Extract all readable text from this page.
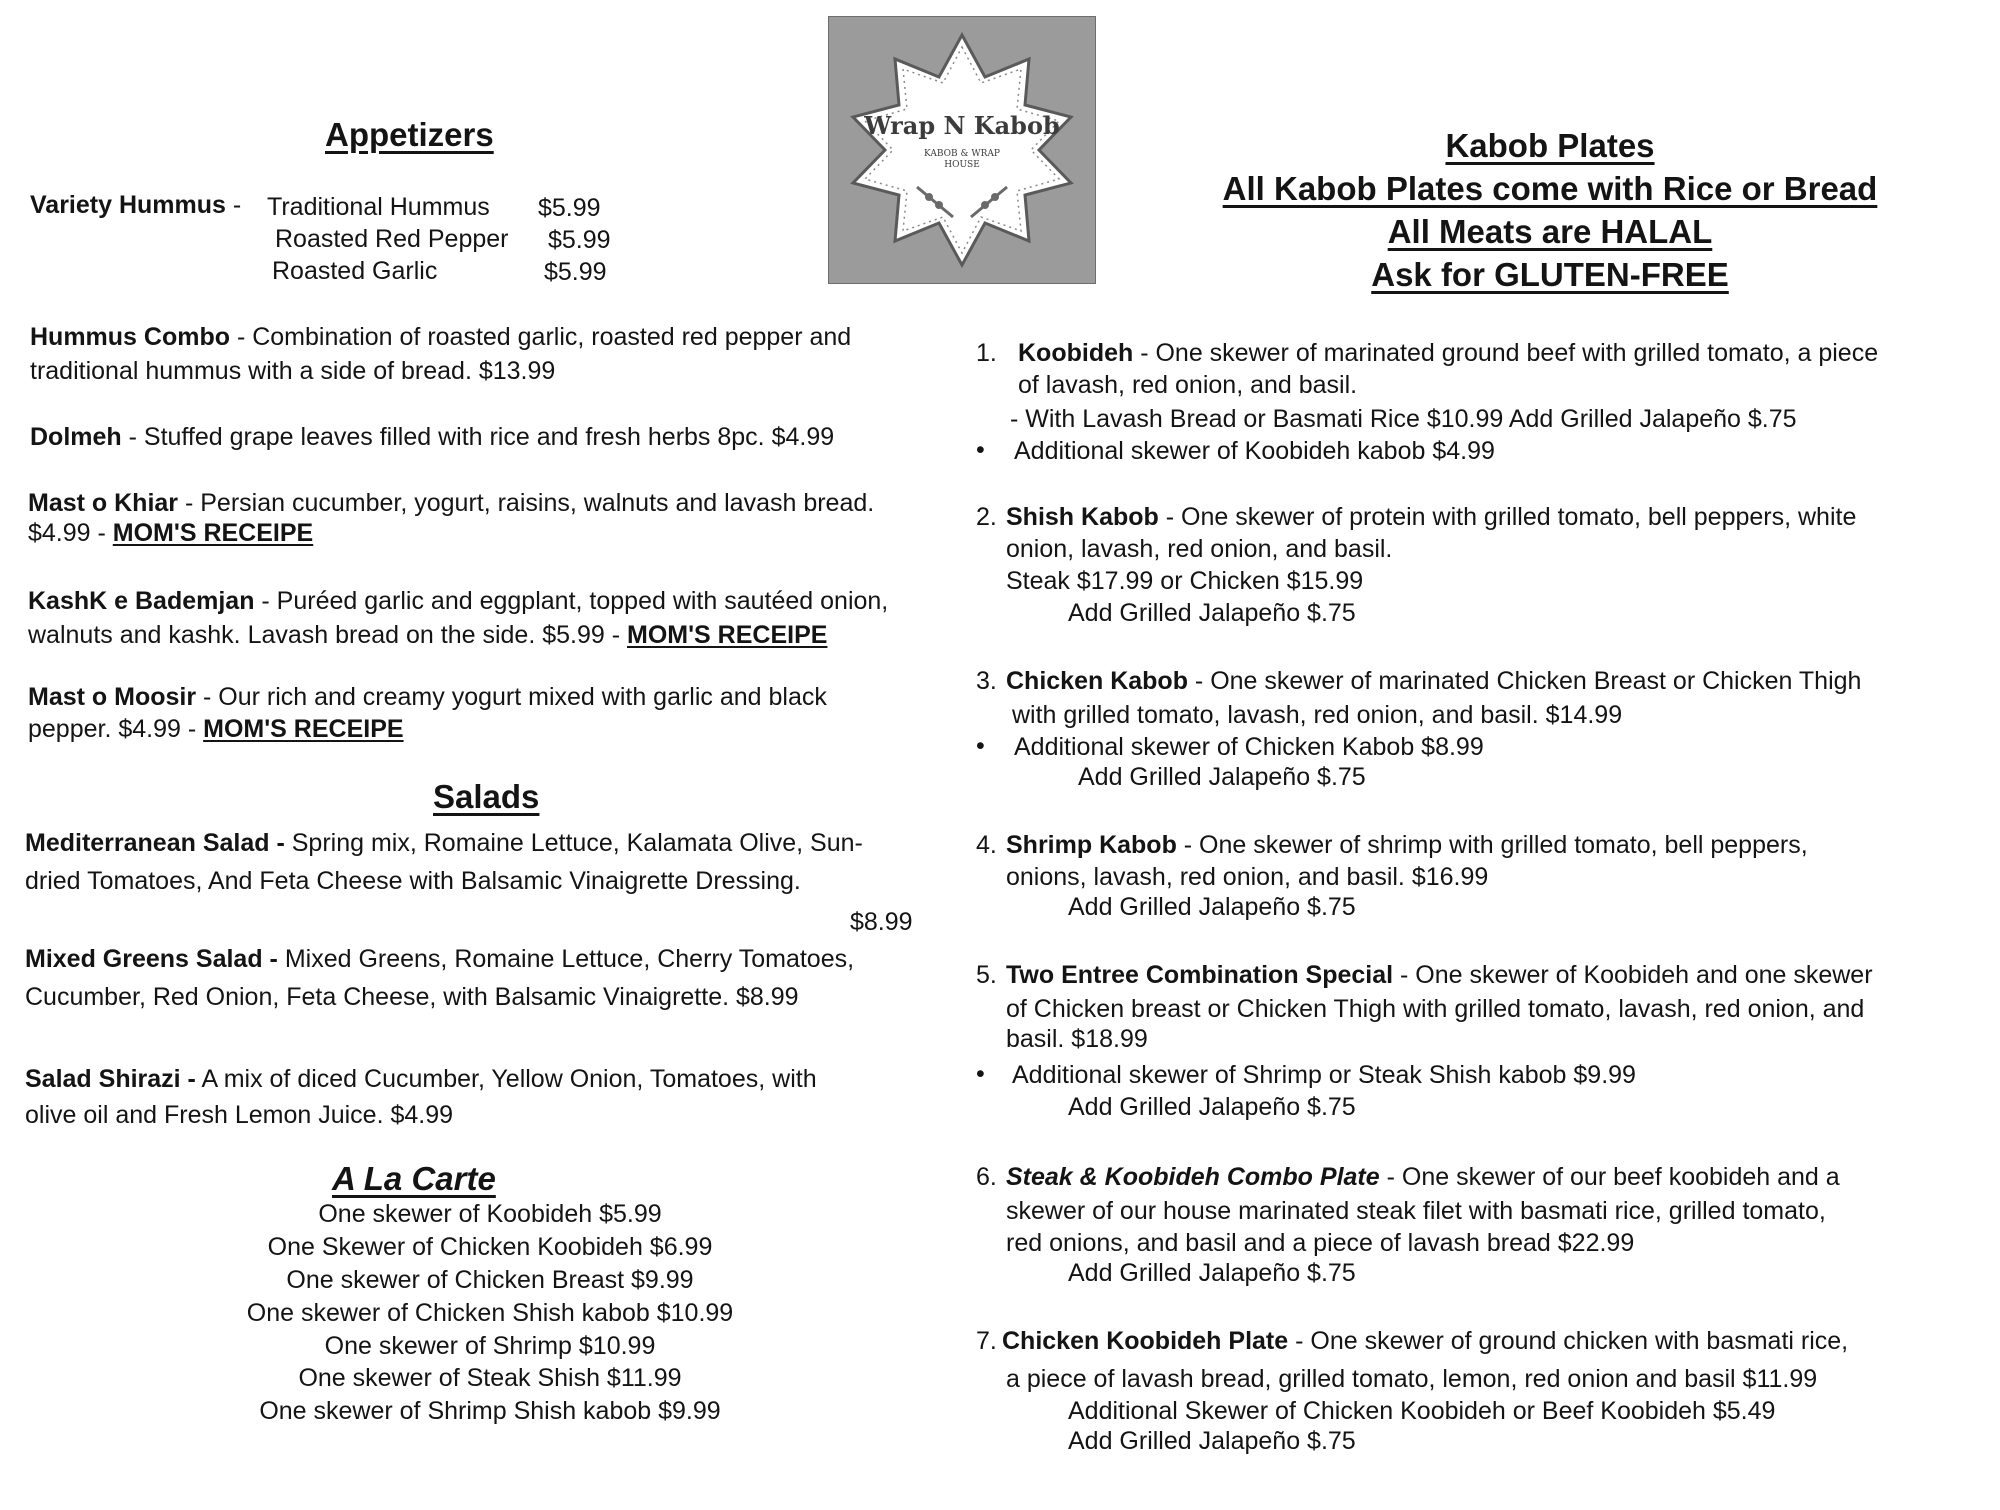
Wrap N Kabob
KABOB & WRAP HOUSE
Appetizers
Variety Hummus - Traditional Hummus $5.99
Roasted Red Pepper $5.99
Roasted Garlic	$5.99
Hummus Combo - Combination of roasted garlic, roasted red pepper and
traditional hummus with a side of bread. $13.99
Dolmeh - Stuffed grape leaves filled with rice and fresh herbs 8pc. $4.99
Mast o Khiar - Persian cucumber, yogurt, raisins, walnuts and lavash bread.
$4.99 - MOM'S RECEIPE
KashK e Bademjan - Puréed garlic and eggplant, topped with sautéed onion,
walnuts and kashk. Lavash bread on the side. $5.99 - MOM'S RECEIPE
Mast o Moosir - Our rich and creamy yogurt mixed with garlic and black
pepper. $4.99 - MOM'S RECEIPE
Salads
Mediterranean Salad - Spring mix, Romaine Lettuce, Kalamata Olive, Sun-
dried Tomatoes, And Feta Cheese with Balsamic Vinaigrette Dressing.
$8.99
Mixed Greens Salad - Mixed Greens, Romaine Lettuce, Cherry Tomatoes,
Cucumber, Red Onion, Feta Cheese, with Balsamic Vinaigrette. $8.99
Salad Shirazi - A mix of diced Cucumber, Yellow Onion, Tomatoes, with
olive oil and Fresh Lemon Juice. $4.99
A La Carte
One skewer of Koobideh $5.99
One Skewer of Chicken Koobideh $6.99
One skewer of Chicken Breast $9.99
One skewer of Chicken Shish kabob $10.99
One skewer of Shrimp $10.99
One skewer of Steak Shish $11.99
One skewer of Shrimp Shish kabob $9.99
Kabob Plates
All Kabob Plates come with Rice or Bread
All Meats are HALAL
Ask for GLUTEN-FREE
1. Koobideh - One skewer of marinated ground beef with grilled tomato, a piece
of lavash, red onion, and basil.
- With Lavash Bread or Basmati Rice $10.99 Add Grilled Jalapeño $.75
• Additional skewer of Koobideh kabob $4.99
2. Shish Kabob - One skewer of protein with grilled tomato, bell peppers, white
onion, lavash, red onion, and basil.
Steak $17.99 or Chicken $15.99
Add Grilled Jalapeño $.75
3. Chicken Kabob - One skewer of marinated Chicken Breast or Chicken Thigh
with grilled tomato, lavash, red onion, and basil. $14.99
• Additional skewer of Chicken Kabob $8.99
Add Grilled Jalapeño $.75
4. Shrimp Kabob - One skewer of shrimp with grilled tomato, bell peppers,
onions, lavash, red onion, and basil. $16.99
Add Grilled Jalapeño $.75
5. Two Entree Combination Special - One skewer of Koobideh and one skewer
of Chicken breast or Chicken Thigh with grilled tomato, lavash, red onion, and
basil. $18.99
• Additional skewer of Shrimp or Steak Shish kabob $9.99
Add Grilled Jalapeño $.75
6. Steak & Koobideh Combo Plate - One skewer of our beef koobideh and a
skewer of our house marinated steak filet with basmati rice, grilled tomato,
red onions, and basil and a piece of lavash bread $22.99
Add Grilled Jalapeño $.75
7. Chicken Koobideh Plate - One skewer of ground chicken with basmati rice,
a piece of lavash bread, grilled tomato, lemon, red onion and basil $11.99
Additional Skewer of Chicken Koobideh or Beef Koobideh $5.49
Add Grilled Jalapeño $.75
